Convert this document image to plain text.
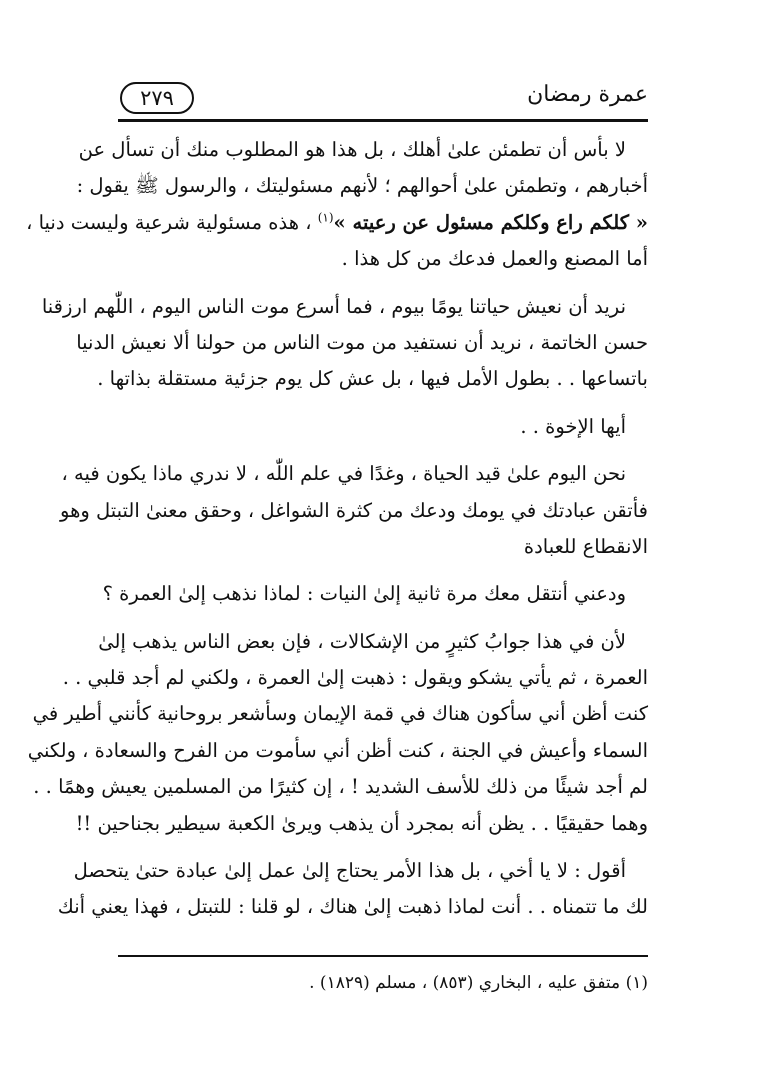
عمرة رمضان
٢٧٩
لا بأس أن تطمئن علىٰ أهلك ، بل هذا هو المطلوب منك أن تسأل عن
أخبارهم ، وتطمئن علىٰ أحوالهم ؛ لأنهم مسئوليتك ، والرسول ﷺ يقول :
« كلكم راع وكلكم مسئول عن رعيته »$^{(١)}$ ، هذه مسئولية شرعية وليست دنيا ،
أما المصنع والعمل فدعك من كل هذا .
نريد أن نعيش حياتنا يومًا بيوم ، فما أسرع موت الناس اليوم ، اللّٰهم ارزقنا
حسن الخاتمة ، نريد أن نستفيد من موت الناس من حولنا ألا نعيش الدنيا
باتساعها . . بطول الأمل فيها ، بل عش كل يوم جزئية مستقلة بذاتها .
أيها الإخوة . .
نحن اليوم علىٰ قيد الحياة ، وغدًا في علم اللّٰه ، لا ندري ماذا يكون فيه ،
فأتقن عبادتك في يومك ودعك من كثرة الشواغل ، وحقق معنىٰ التبتل وهو
الانقطاع للعبادة
ودعني أنتقل معك مرة ثانية إلىٰ النيات : لماذا نذهب إلىٰ العمرة ؟
لأن في هذا جوابُ كثيرٍ من الإشكالات ، فإن بعض الناس يذهب إلىٰ
العمرة ، ثم يأتي يشكو ويقول : ذهبت إلىٰ العمرة ، ولكني لم أجد قلبي . .
كنت أظن أني سأكون هناك في قمة الإيمان وسأشعر بروحانية كأنني أطير في
السماء وأعيش في الجنة ، كنت أظن أني سأموت من الفرح والسعادة ، ولكني
لم أجد شيئًا من ذلك للأسف الشديد ! ، إن كثيرًا من المسلمين يعيش وهمًا . .
وهما حقيقيًا . . يظن أنه بمجرد أن يذهب ويرىٰ الكعبة سيطير بجناحين !!
أقول : لا يا أخي ، بل هذا الأمر يحتاج إلىٰ عمل إلىٰ عبادة حتىٰ يتحصل
لك ما تتمناه . . أنت لماذا ذهبت إلىٰ هناك ، لو قلنا : للتبتل ، فهذا يعني أنك
(١) متفق عليه ، البخاري (٨٥٣) ، مسلم (١٨٢٩) .
